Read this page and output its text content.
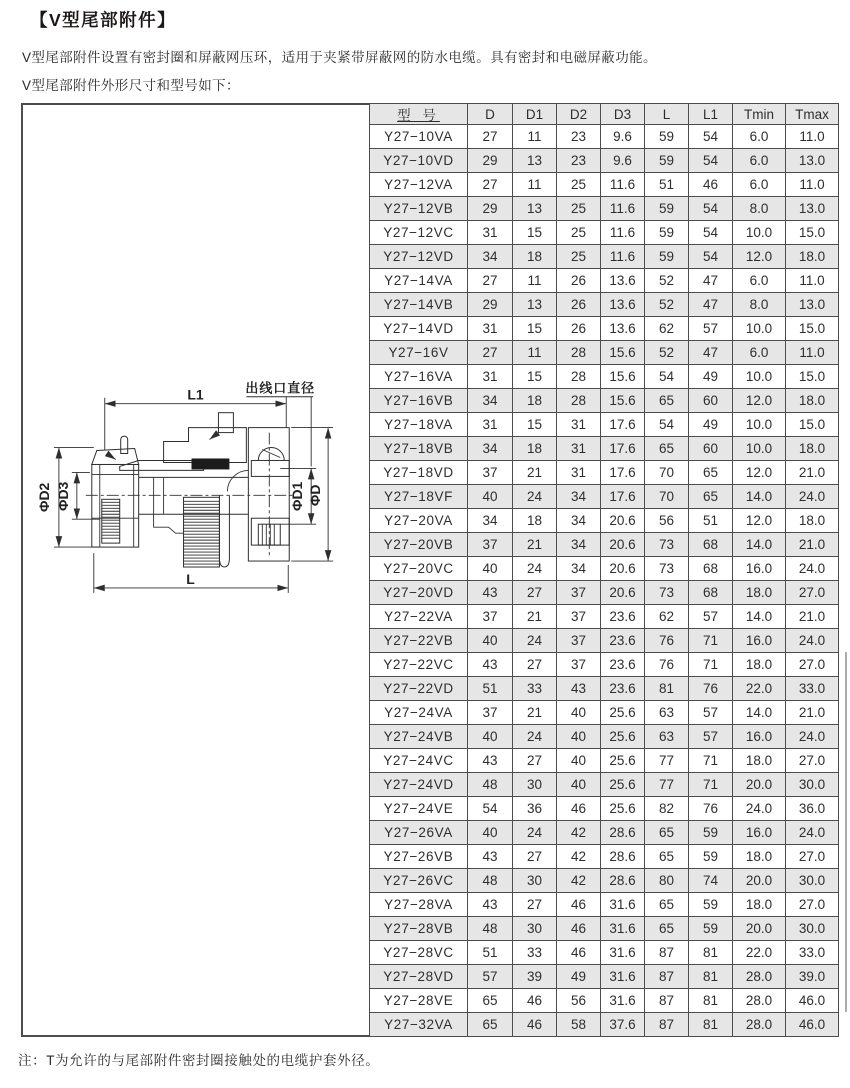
【V型尾部附件】
V型尾部附件设置有密封圈和屏蔽网压环，适用于夹紧带屏蔽网的防水电缆。具有密封和电磁屏蔽功能。
V型尾部附件外形尺寸和型号如下：
L1
L
出线口直径
ΦD2 ΦD3	ΦD1 ΦD
型 号	D	D1	D2	D3	L	L1	Tmin	Tmax
Y27−10VA	27	11	23	9.6	59	54	6.0	11.0
Y27−10VD	29	13	23	9.6	59	54	6.0	13.0
Y27−12VA	27	11	25	11.6	51	46	6.0	11.0
Y27−12VB	29	13	25	11.6	59	54	8.0	13.0
Y27−12VC	31	15	25	11.6	59	54	10.0	15.0
Y27−12VD	34	18	25	11.6	59	54	12.0	18.0
Y27−14VA	27	11	26	13.6	52	47	6.0	11.0
Y27−14VB	29	13	26	13.6	52	47	8.0	13.0
Y27−14VD	31	15	26	13.6	62	57	10.0	15.0
Y27−16V	27	11	28	15.6	52	47	6.0	11.0
Y27−16VA	31	15	28	15.6	54	49	10.0	15.0
Y27−16VB	34	18	28	15.6	65	60	12.0	18.0
Y27−18VA	31	15	31	17.6	54	49	10.0	15.0
Y27−18VB	34	18	31	17.6	65	60	10.0	18.0
Y27−18VD	37	21	31	17.6	70	65	12.0	21.0
Y27−18VF	40	24	34	17.6	70	65	14.0	24.0
Y27−20VA	34	18	34	20.6	56	51	12.0	18.0
Y27−20VB	37	21	34	20.6	73	68	14.0	21.0
Y27−20VC	40	24	34	20.6	73	68	16.0	24.0
Y27−20VD	43	27	37	20.6	73	68	18.0	27.0
Y27−22VA	37	21	37	23.6	62	57	14.0	21.0
Y27−22VB	40	24	37	23.6	76	71	16.0	24.0
Y27−22VC	43	27	37	23.6	76	71	18.0	27.0
Y27−22VD	51	33	43	23.6	81	76	22.0	33.0
Y27−24VA	37	21	40	25.6	63	57	14.0	21.0
Y27−24VB	40	24	40	25.6	63	57	16.0	24.0
Y27−24VC	43	27	40	25.6	77	71	18.0	27.0
Y27−24VD	48	30	40	25.6	77	71	20.0	30.0
Y27−24VE	54	36	46	25.6	82	76	24.0	36.0
Y27−26VA	40	24	42	28.6	65	59	16.0	24.0
Y27−26VB	43	27	42	28.6	65	59	18.0	27.0
Y27−26VC	48	30	42	28.6	80	74	20.0	30.0
Y27−28VA	43	27	46	31.6	65	59	18.0	27.0
Y27−28VB	48	30	46	31.6	65	59	20.0	30.0
Y27−28VC	51	33	46	31.6	87	81	22.0	33.0
Y27−28VD	57	39	49	31.6	87	81	28.0	39.0
Y27−28VE	65	46	56	31.6	87	81	28.0	46.0
Y27−32VA	65	46	58	37.6	87	81	28.0	46.0
注：T为允许的与尾部附件密封圈接触处的电缆护套外径。
